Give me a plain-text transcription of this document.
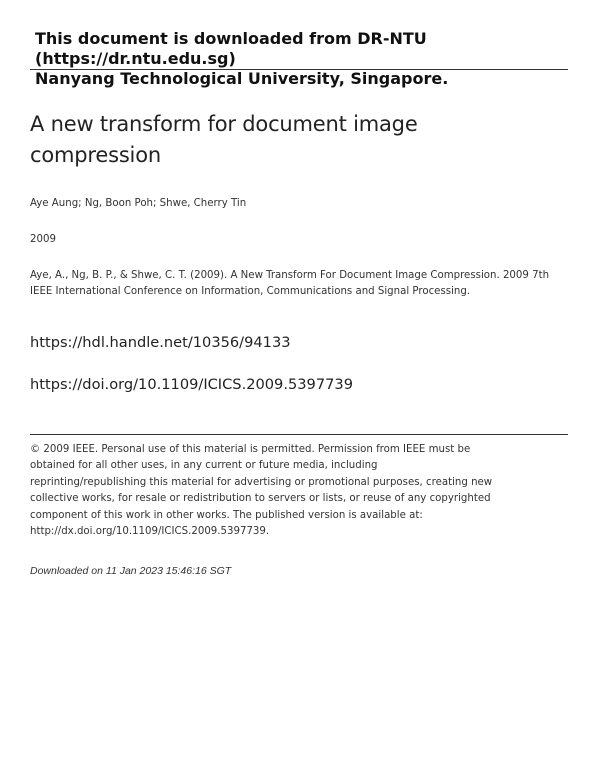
This document is downloaded from DR-NTU (https://dr.ntu.edu.sg)
Nanyang Technological University, Singapore.
A new transform for document image compression
Aye Aung; Ng, Boon Poh; Shwe, Cherry Tin
2009
Aye, A., Ng, B. P., & Shwe, C. T. (2009). A New Transform For Document Image Compression. 2009 7th IEEE International Conference on Information, Communications and Signal Processing.
https://hdl.handle.net/10356/94133
https://doi.org/10.1109/ICICS.2009.5397739
© 2009 IEEE. Personal use of this material is permitted. Permission from IEEE must be
obtained for all other uses, in any current or future media, including
reprinting/republishing this material for advertising or promotional purposes, creating new
collective works, for resale or redistribution to servers or lists, or reuse of any copyrighted
component of this work in other works. The published version is available at:
http://dx.doi.org/10.1109/ICICS.2009.5397739.
Downloaded on 11 Jan 2023 15:46:16 SGT
